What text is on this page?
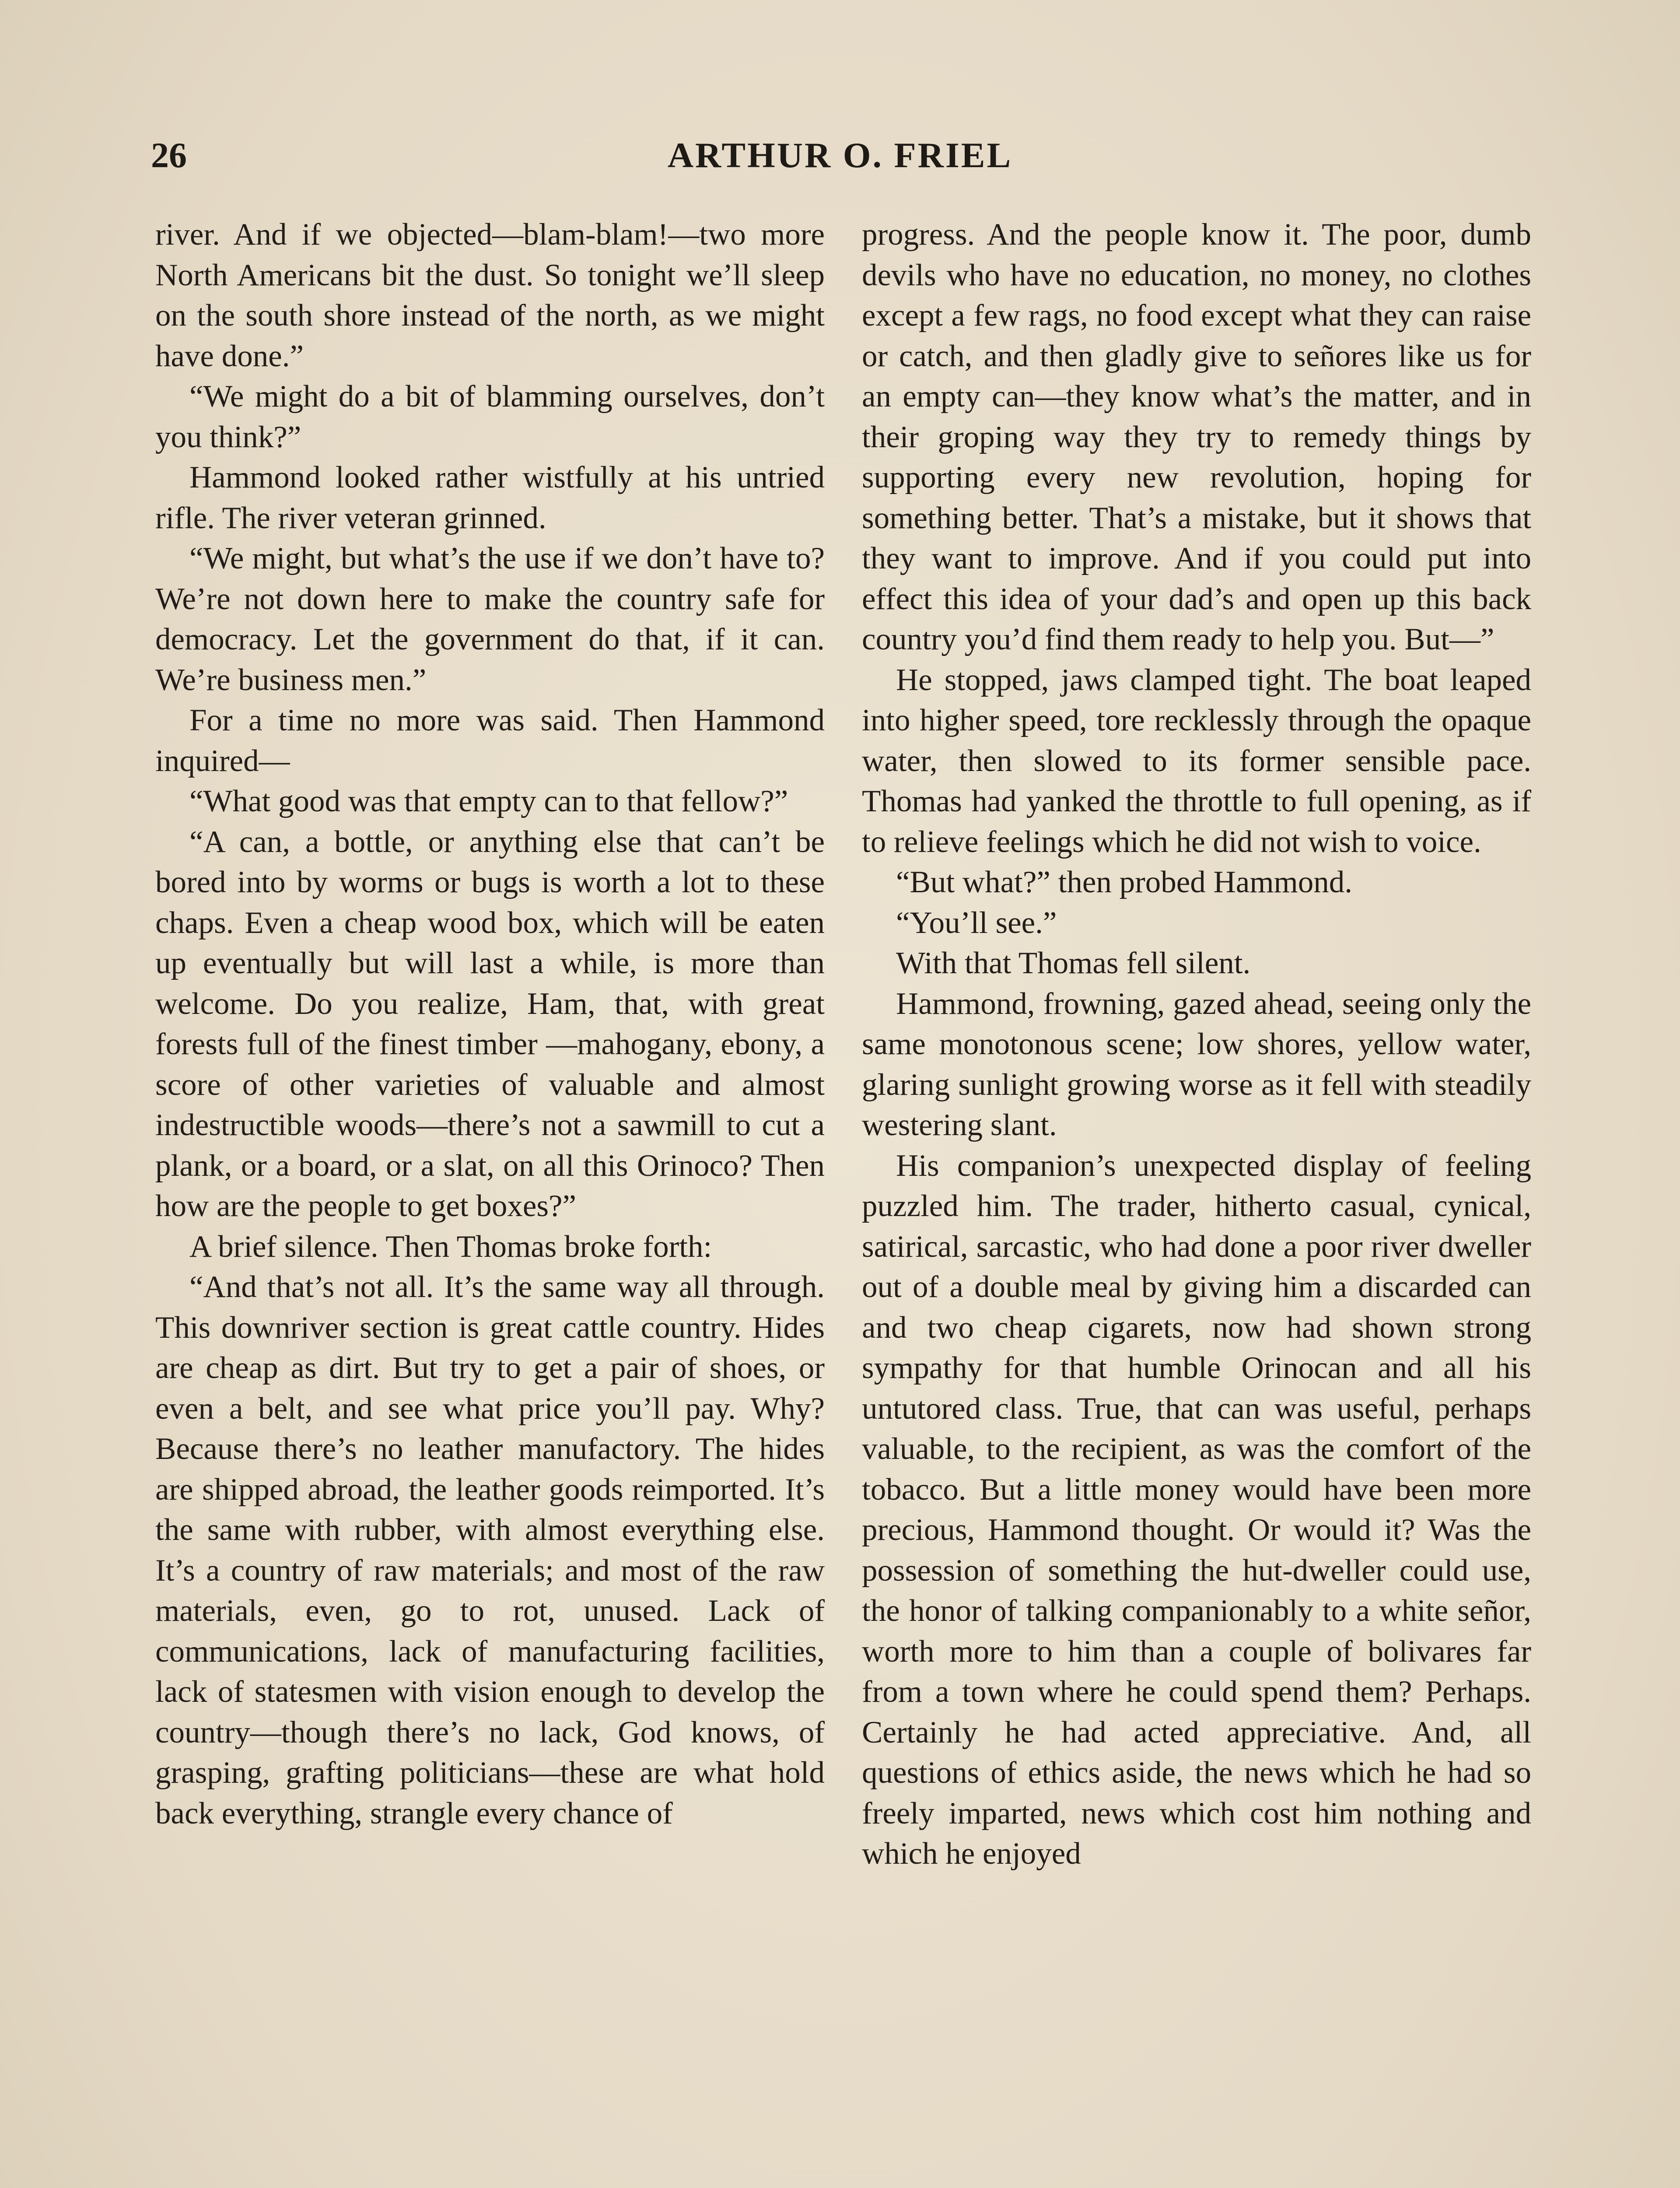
26	ARTHUR O. FRIEL

river. And if we objected—blam-blam!—two more North Americans bit the dust. So tonight we’ll sleep on the south shore instead of the north, as we might have done.”

“We might do a bit of blamming ourselves, don’t you think?”

Hammond looked rather wistfully at his untried rifle. The river veteran grinned.

“We might, but what’s the use if we don’t have to? We’re not down here to make the country safe for democracy. Let the government do that, if it can. We’re business men.”

For a time no more was said. Then Hammond inquired—

“What good was that empty can to that fellow?”

“A can, a bottle, or anything else that can’t be bored into by worms or bugs is worth a lot to these chaps. Even a cheap wood box, which will be eaten up eventually but will last a while, is more than welcome. Do you realize, Ham, that, with great forests full of the finest timber —mahogany, ebony, a score of other varieties of valuable and almost indestructible woods—there’s not a sawmill to cut a plank, or a board, or a slat, on all this Orinoco? Then how are the people to get boxes?”

A brief silence. Then Thomas broke forth:

“And that’s not all. It’s the same way all through. This downriver section is great cattle country. Hides are cheap as dirt. But try to get a pair of shoes, or even a belt, and see what price you’ll pay. Why? Because there’s no leather manufactory. The hides are shipped abroad, the leather goods reimported. It’s the same with rubber, with almost everything else. It’s a country of raw materials; and most of the raw materials, even, go to rot, unused. Lack of communications, lack of manufacturing facilities, lack of statesmen with vision enough to develop the country—though there’s no lack, God knows, of grasping, grafting politicians—these are what hold back everything, strangle every chance of

progress. And the people know it. The poor, dumb devils who have no education, no money, no clothes except a few rags, no food except what they can raise or catch, and then gladly give to señores like us for an empty can—they know what’s the matter, and in their groping way they try to remedy things by supporting every new revolution, hoping for something better. That’s a mistake, but it shows that they want to improve. And if you could put into effect this idea of your dad’s and open up this back country you’d find them ready to help you. But—”

He stopped, jaws clamped tight. The boat leaped into higher speed, tore recklessly through the opaque water, then slowed to its former sensible pace. Thomas had yanked the throttle to full opening, as if to relieve feelings which he did not wish to voice.

“But what?” then probed Hammond.

“You’ll see.”

With that Thomas fell silent.

Hammond, frowning, gazed ahead, seeing only the same monotonous scene; low shores, yellow water, glaring sunlight growing worse as it fell with steadily westering slant.

His companion’s unexpected display of feeling puzzled him. The trader, hitherto casual, cynical, satirical, sarcastic, who had done a poor river dweller out of a double meal by giving him a discarded can and two cheap cigarets, now had shown strong sympathy for that humble Orinocan and all his untutored class. True, that can was useful, perhaps valuable, to the recipient, as was the comfort of the tobacco. But a little money would have been more precious, Hammond thought. Or would it? Was the possession of something the hut-dweller could use, the honor of talking companionably to a white señor, worth more to him than a couple of bolivares far from a town where he could spend them? Perhaps. Certainly he had acted appreciative. And, all questions of ethics aside, the news which he had so freely imparted, news which cost him nothing and which he enjoyed
